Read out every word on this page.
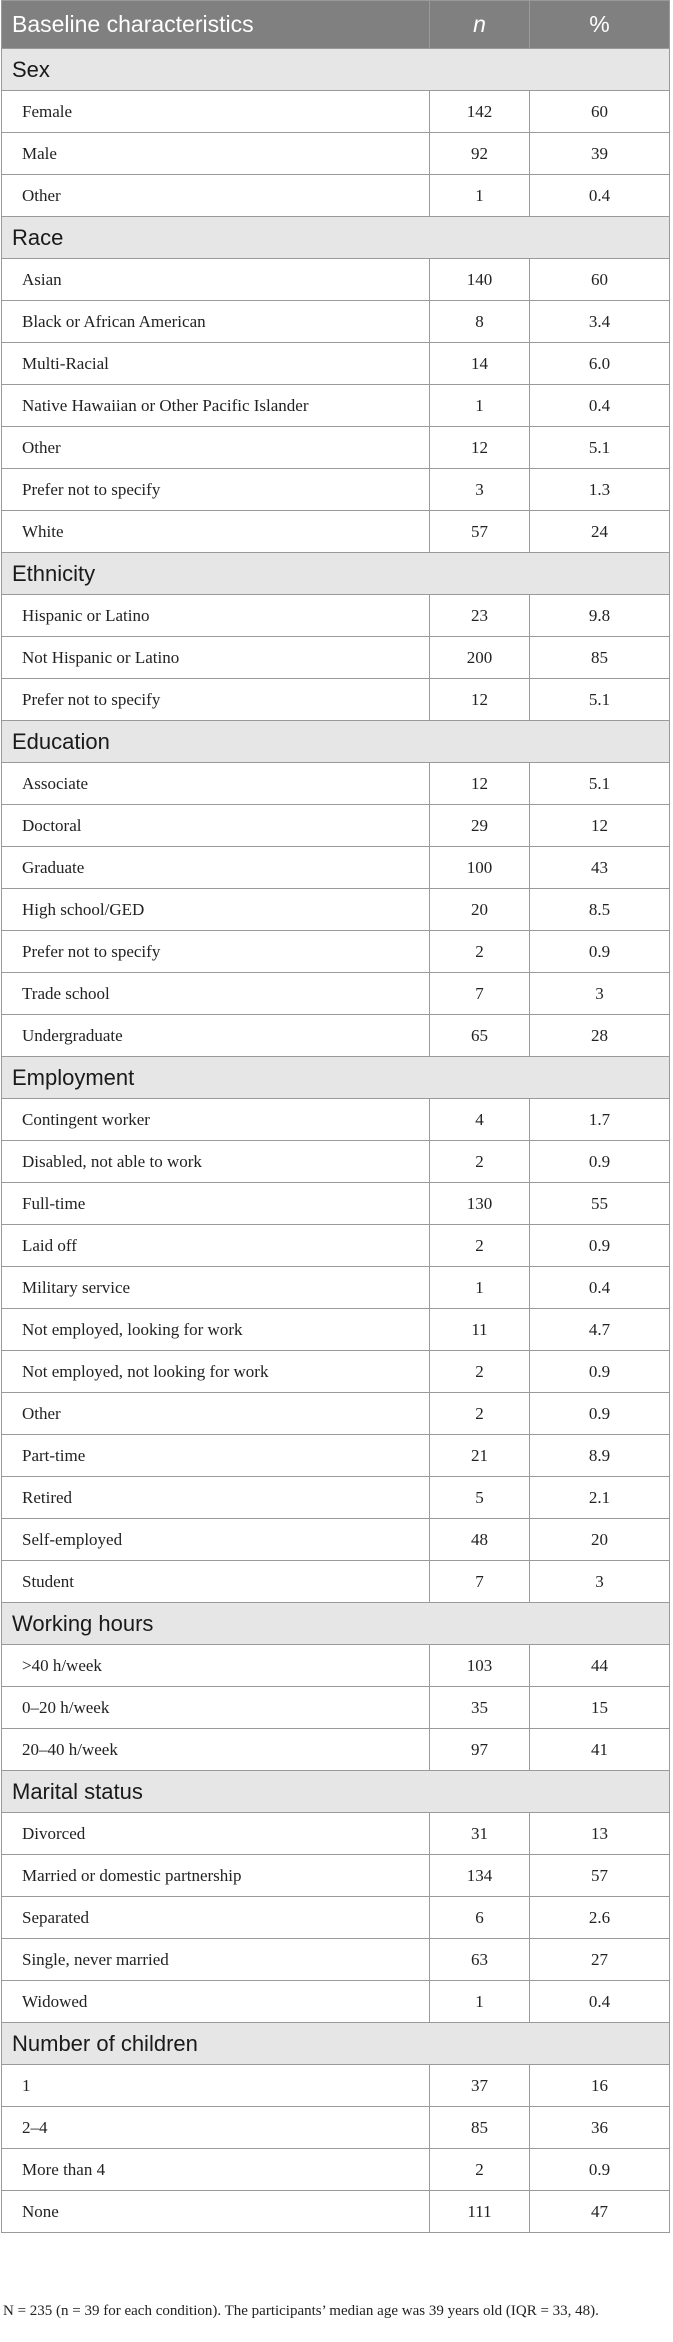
Baseline characteristics	n	%
Sex		
Female	142	60
Male	92	39
Other	1	0.4
Race		
Asian	140	60
Black or African American	8	3.4
Multi-Racial	14	6.0
Native Hawaiian or Other Pacific Islander	1	0.4
Other	12	5.1
Prefer not to specify	3	1.3
White	57	24
Ethnicity		
Hispanic or Latino	23	9.8
Not Hispanic or Latino	200	85
Prefer not to specify	12	5.1
Education		
Associate	12	5.1
Doctoral	29	12
Graduate	100	43
High school/GED	20	8.5
Prefer not to specify	2	0.9
Trade school	7	3
Undergraduate	65	28
Employment		
Contingent worker	4	1.7
Disabled, not able to work	2	0.9
Full-time	130	55
Laid off	2	0.9
Military service	1	0.4
Not employed, looking for work	11	4.7
Not employed, not looking for work	2	0.9
Other	2	0.9
Part-time	21	8.9
Retired	5	2.1
Self-employed	48	20
Student	7	3
Working hours		
>40 h/week	103	44
0–20 h/week	35	15
20–40 h/week	97	41
Marital status		
Divorced	31	13
Married or domestic partnership	134	57
Separated	6	2.6
Single, never married	63	27
Widowed	1	0.4
Number of children		
1	37	16
2–4	85	36
More than 4	2	0.9
None	111	47
N = 235 (n = 39 for each condition). The participants’ median age was 39 years old (IQR = 33, 48).
